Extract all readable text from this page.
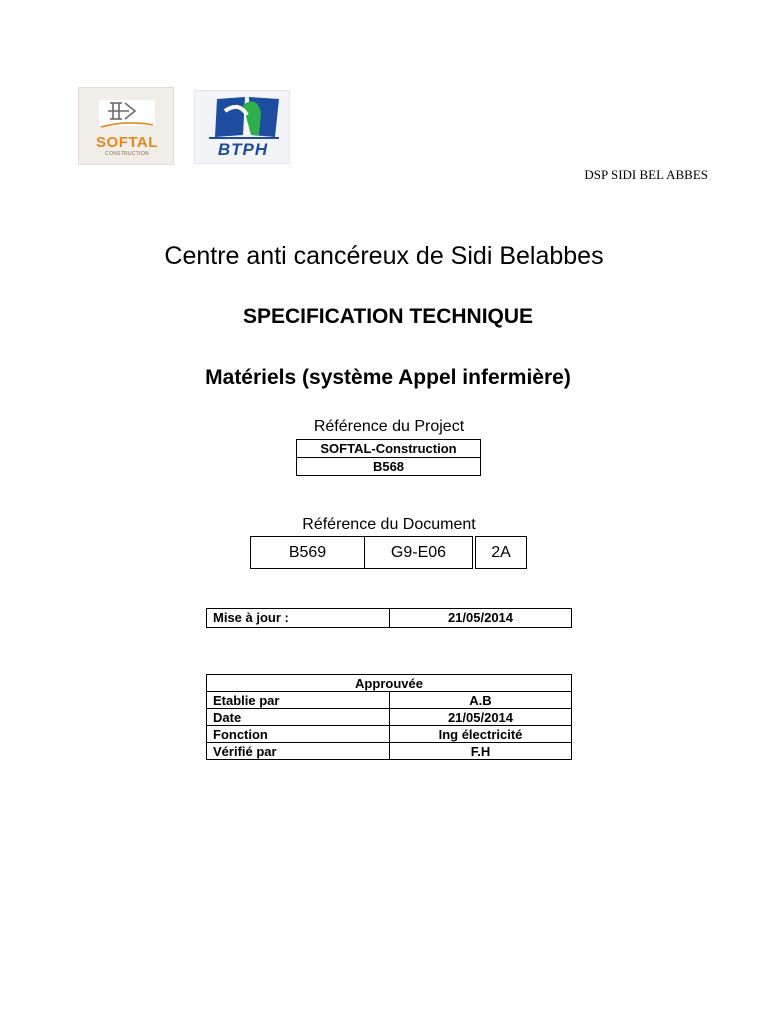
SOFTAL
CONSTRUCTION	BTPH
DSP SIDI BEL ABBES
Centre anti cancéreux de Sidi Belabbes
SPECIFICATION TECHNIQUE
Matériels (système Appel infermière)
Référence du Project
SOFTAL-Construction
B568
Référence du Document
B569	G9-E06		2A
Mise à jour :	21/05/2014
Approuvée	
Etablie par	A.B
Date	21/05/2014
Fonction	Ing électricité
Vérifié par	F.H
